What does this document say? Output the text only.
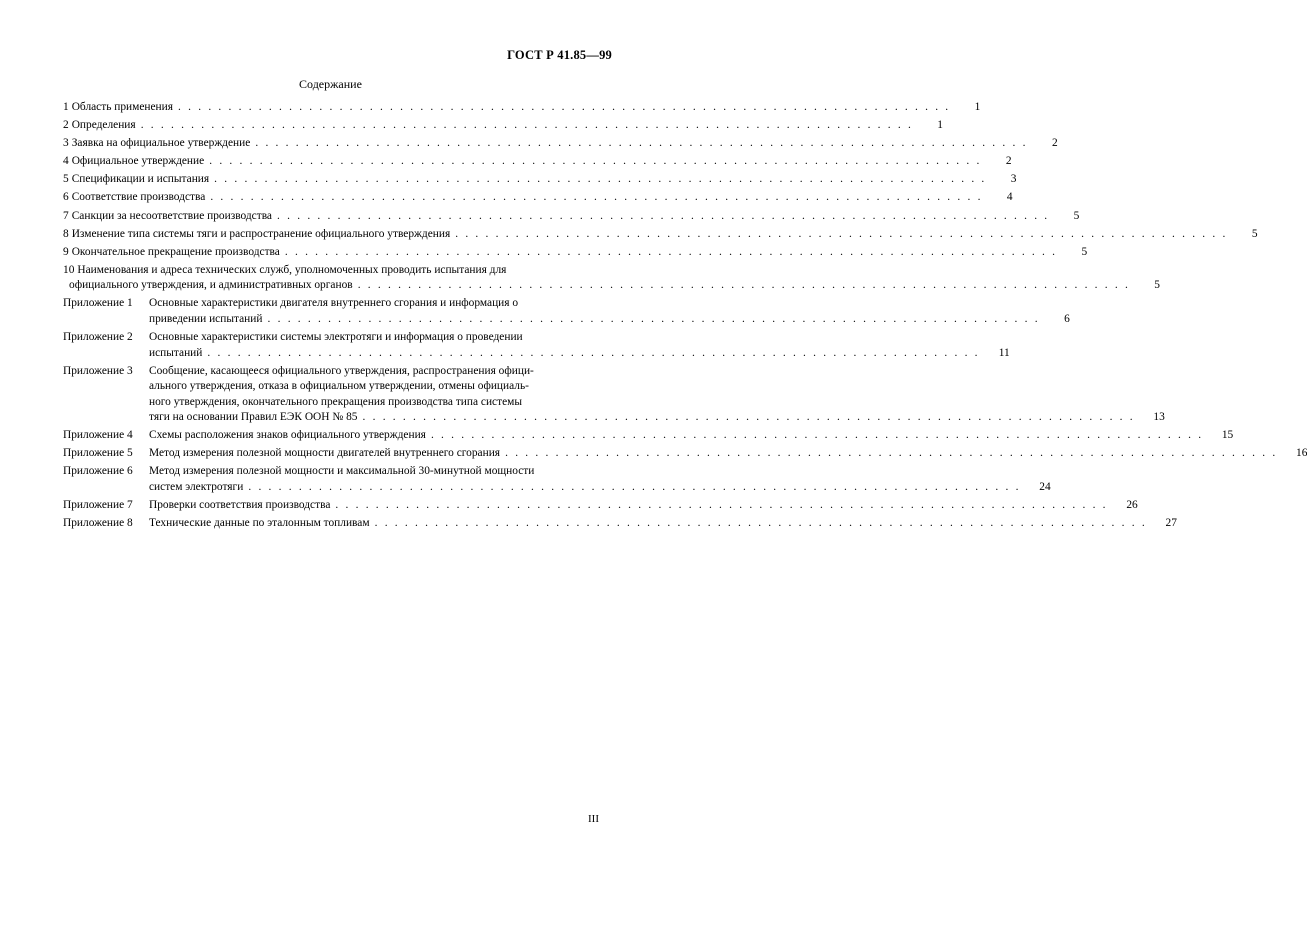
ГОСТ Р 41.85—99
Содержание
1 Область применения . . . . . . . . . . . . . . . . . . . . . . . . . . . . . . . . . . . . . . . . . . . . . . . . . . . . . . . . . . . . . . . . . . . . . . . . . . . . .	1
2 Определения . . . . . . . . . . . . . . . . . . . . . . . . . . . . . . . . . . . . . . . . . . . . . . . . . . . . . . . . . . . . . . . . . . . . . . . . . . . . .	1
3 Заявка на официальное утверждение . . . . . . . . . . . . . . . . . . . . . . . . . . . . . . . . . . . . . . . . . . . . . . . . . . . . . . . . . . . . . . . . . . . . . . . . . . . . .	2
4 Официальное утверждение . . . . . . . . . . . . . . . . . . . . . . . . . . . . . . . . . . . . . . . . . . . . . . . . . . . . . . . . . . . . . . . . . . . . . . . . . . . . .	2
5 Спецификации и испытания . . . . . . . . . . . . . . . . . . . . . . . . . . . . . . . . . . . . . . . . . . . . . . . . . . . . . . . . . . . . . . . . . . . . . . . . . . . . .	3
6 Соответствие производства . . . . . . . . . . . . . . . . . . . . . . . . . . . . . . . . . . . . . . . . . . . . . . . . . . . . . . . . . . . . . . . . . . . . . . . . . . . . .	4
7 Санкции за несоответствие производства . . . . . . . . . . . . . . . . . . . . . . . . . . . . . . . . . . . . . . . . . . . . . . . . . . . . . . . . . . . . . . . . . . . . . . . . . . . . .	5
8 Изменение типа системы тяги и распространение официального утверждения . . . . . . . . . . . . . . . . . . . . . . . . . . . . . . . . . . . . . . . . . . . . . . . . . . . . . . . . . . . . . . . . . . . . . . . . . . . . .	5
9 Окончательное прекращение производства . . . . . . . . . . . . . . . . . . . . . . . . . . . . . . . . . . . . . . . . . . . . . . . . . . . . . . . . . . . . . . . . . . . . . . . . . . . . .	5
10 Наименования и адреса технических служб, уполномоченных проводить испытания для
официального утверждения, и административных органов . . . . . . . . . . . . . . . . . . . . . . . . . . . . . . . . . . . . . . . . . . . . . . . . . . . . . . . . . . . . . . . . . . . . . . . . . . . . .	5
Приложение 1	Основные характеристики двигателя внутреннего сгорания и информация о
приведении испытаний . . . . . . . . . . . . . . . . . . . . . . . . . . . . . . . . . . . . . . . . . . . . . . . . . . . . . . . . . . . . . . . . . . . . . . . . . . . . .	6
Приложение 2	Основные характеристики системы электротяги и информация о проведении
испытаний . . . . . . . . . . . . . . . . . . . . . . . . . . . . . . . . . . . . . . . . . . . . . . . . . . . . . . . . . . . . . . . . . . . . . . . . . . . . .	11
Приложение 3	Сообщение, касающееся официального утверждения, распространения офици-
ального утверждения, отказа в официальном утверждении, отмены официаль-
ного утверждения, окончательного прекращения производства типа системы
тяги на основании Правил ЕЭК ООН № 85 . . . . . . . . . . . . . . . . . . . . . . . . . . . . . . . . . . . . . . . . . . . . . . . . . . . . . . . . . . . . . . . . . . . . . . . . . . . . .	13
Приложение 4	Схемы расположения знаков официального утверждения . . . . . . . . . . . . . . . . . . . . . . . . . . . . . . . . . . . . . . . . . . . . . . . . . . . . . . . . . . . . . . . . . . . . . . . . . . . . .	15
Приложение 5	Метод измерения полезной мощности двигателей внутреннего сгорания . . . . . . . . . . . . . . . . . . . . . . . . . . . . . . . . . . . . . . . . . . . . . . . . . . . . . . . . . . . . . . . . . . . . . . . . . . . . .	16
Приложение 6	Метод измерения полезной мощности и максимальной 30-минутной мощности
систем электротяги . . . . . . . . . . . . . . . . . . . . . . . . . . . . . . . . . . . . . . . . . . . . . . . . . . . . . . . . . . . . . . . . . . . . . . . . . . . . .	24
Приложение 7	Проверки соответствия производства . . . . . . . . . . . . . . . . . . . . . . . . . . . . . . . . . . . . . . . . . . . . . . . . . . . . . . . . . . . . . . . . . . . . . . . . . . . . .	26
Приложение 8	Технические данные по эталонным топливам . . . . . . . . . . . . . . . . . . . . . . . . . . . . . . . . . . . . . . . . . . . . . . . . . . . . . . . . . . . . . . . . . . . . . . . . . . . . .	27
III
